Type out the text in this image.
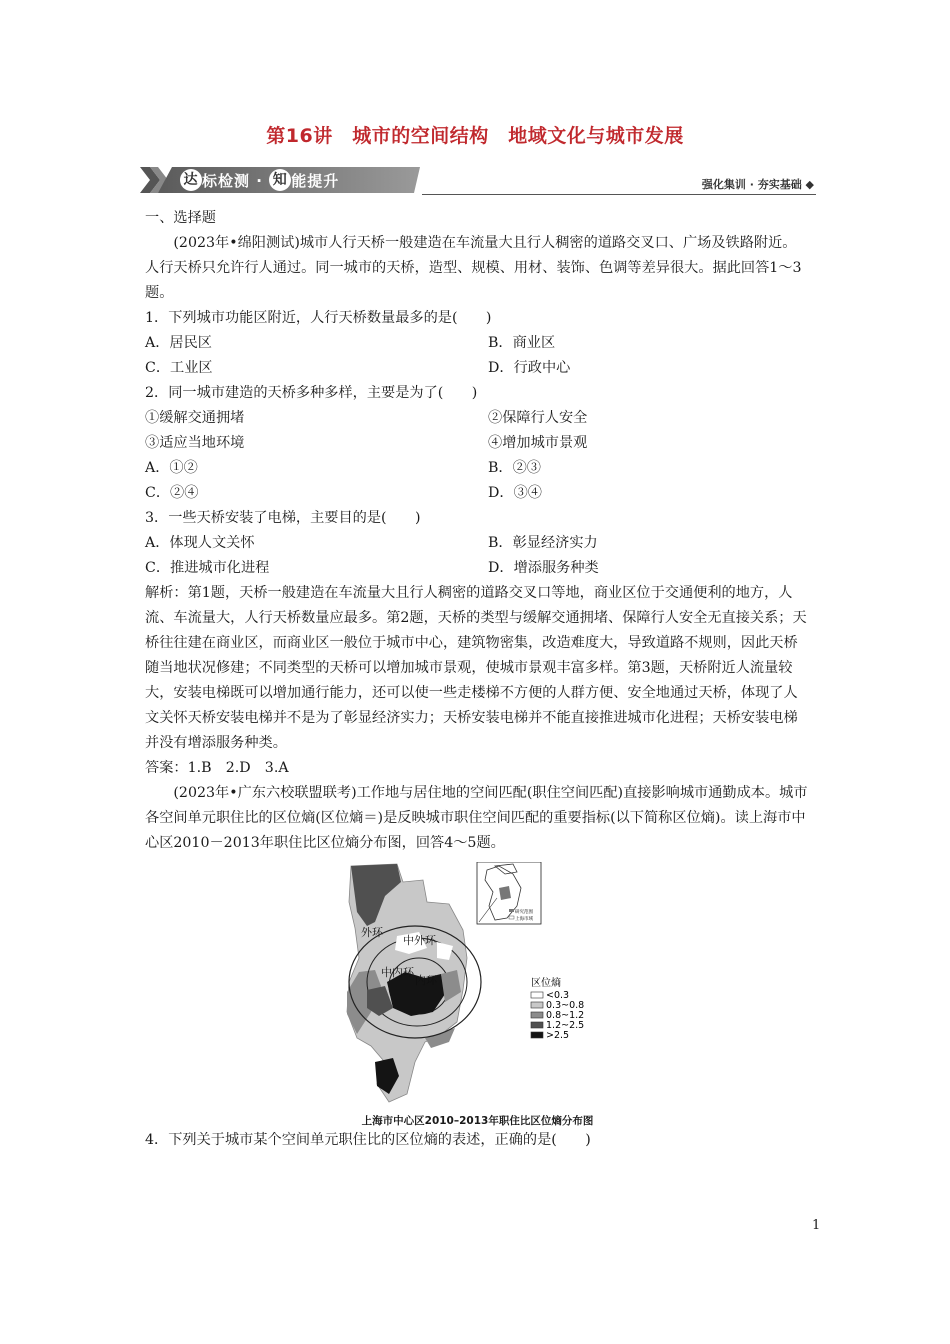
第16讲　城市的空间结构　地域文化与城市发展
达 标检测 · 知 能提升	强化集训 · 夯实基础 ◆

一、选择题

(2023年•绵阳测试)城市人行天桥一般建造在车流量大且行人稠密的道路交叉口、广场及铁路附近。人行天桥只允许行人通过。同一城市的天桥，造型、规模、用材、装饰、色调等差异很大。据此回答1～3题。

1．下列城市功能区附近，人行天桥数量最多的是(　　)

A．居民区	B．商业区
C．工业区	D．行政中心

2．同一城市建造的天桥多种多样，主要是为了(　　)

①缓解交通拥堵	②保障行人安全
③适应当地环境	④增加城市景观
A．①②	B．②③
C．②④	D．③④

3．一些天桥安装了电梯，主要目的是(　　)

A．体现人文关怀	B．彰显经济实力
C．推进城市化进程	D．增添服务种类

解析：第1题，天桥一般建造在车流量大且行人稠密的道路交叉口等地，商业区位于交通便利的地方，人流、车流量大，人行天桥数量应最多。第2题，天桥的类型与缓解交通拥堵、保障行人安全无直接关系；天桥往往建在商业区，而商业区一般位于城市中心，建筑物密集，改造难度大，导致道路不规则，因此天桥随当地状况修建；不同类型的天桥可以增加城市景观，使城市景观丰富多样。第3题，天桥附近人流量较大，安装电梯既可以增加通行能力，还可以使一些走楼梯不方便的人群方便、安全地通过天桥，体现了人文关怀天桥安装电梯并不是为了彰显经济实力；天桥安装电梯并不能直接推进城市化进程；天桥安装电梯并没有增添服务种类。

答案：1.B　2.D　3.A

(2023年•广东六校联盟联考)工作地与居住地的空间匹配(职住空间匹配)直接影响城市通勤成本。城市各空间单元职住比的区位熵(区位熵＝)是反映城市职住空间匹配的重要指标(以下简称区位熵)。读上海市中心区2010－2013年职住比区位熵分布图，回答4～5题。

外环
中外环
中内环
内环
研究范围
上海市域
区位熵
<0.3
0.3~0.8
0.8~1.2
1.2~2.5
>2.5
上海市中心区2010–2013年职住比区位熵分布图

4．下列关于城市某个空间单元职住比的区位熵的表述，正确的是(　　)

1
